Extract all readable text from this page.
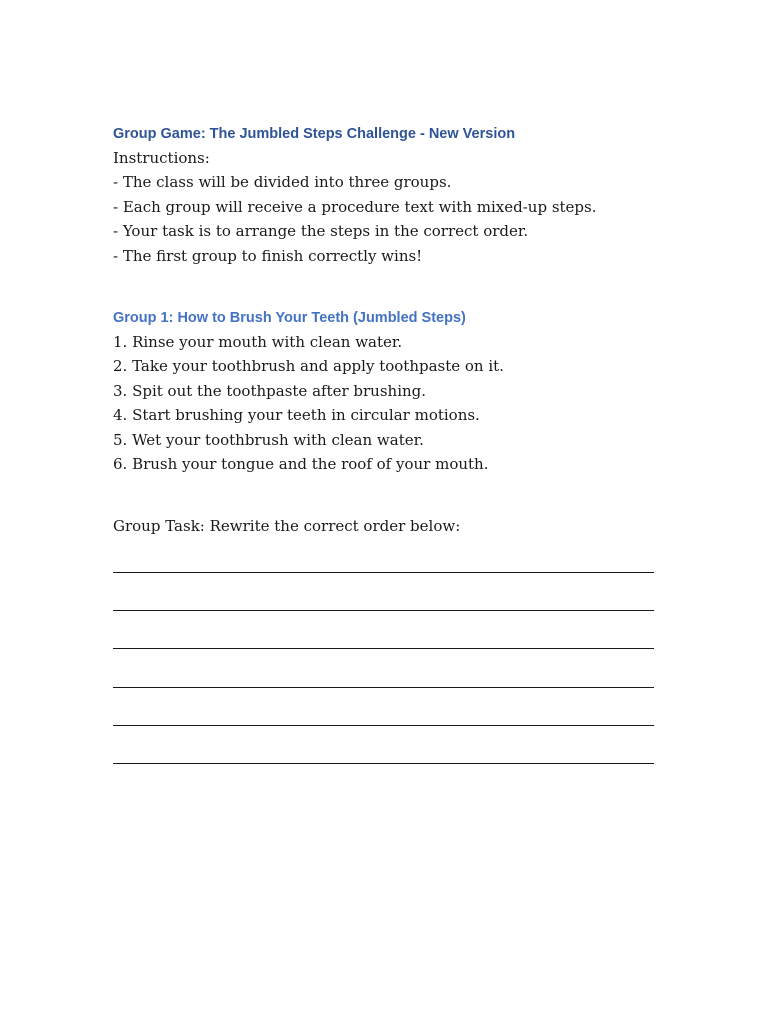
Group Game: The Jumbled Steps Challenge - New Version

Instructions:

- The class will be divided into three groups.

- Each group will receive a procedure text with mixed-up steps.

- Your task is to arrange the steps in the correct order.

- The first group to finish correctly wins!

Group 1: How to Brush Your Teeth (Jumbled Steps)

1. Rinse your mouth with clean water.

2. Take your toothbrush and apply toothpaste on it.

3. Spit out the toothpaste after brushing.

4. Start brushing your teeth in circular motions.

5. Wet your toothbrush with clean water.

6. Brush your tongue and the roof of your mouth.

Group Task: Rewrite the correct order below:
